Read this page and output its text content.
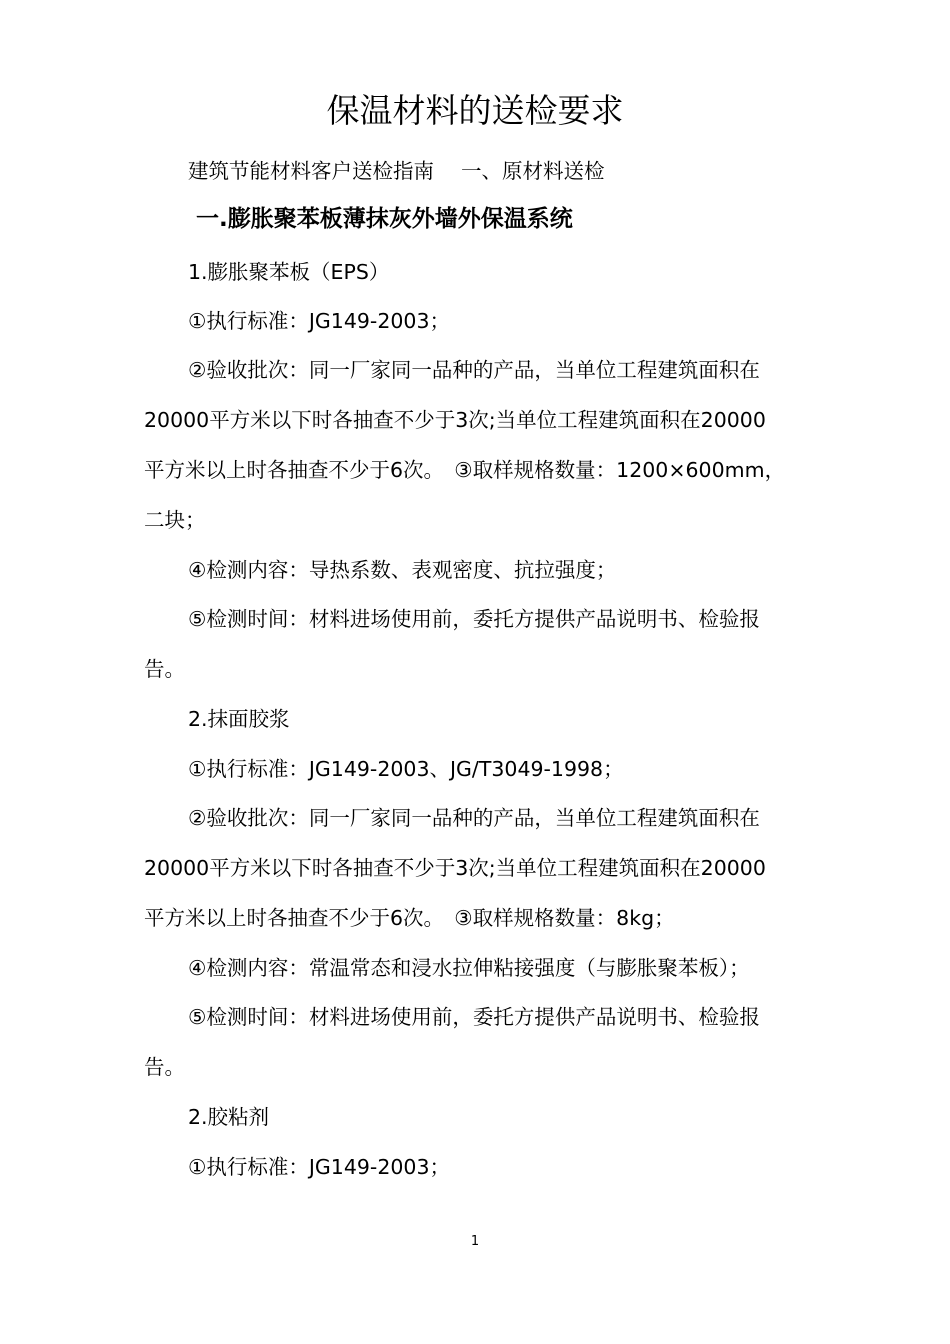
保温材料的送检要求
建筑节能材料客户送检指南　 一、原材料送检
一.膨胀聚苯板薄抹灰外墙外保温系统
1.膨胀聚苯板（EPS）
①执行标准：JG149-2003；
②验收批次：同一厂家同一品种的产品，当单位工程建筑面积在
20000平方米以下时各抽查不少于3次;当单位工程建筑面积在20000
平方米以上时各抽查不少于6次。　③取样规格数量：1200×600mm，
二块；
④检测内容：导热系数、表观密度、抗拉强度；
⑤检测时间：材料进场使用前，委托方提供产品说明书、检验报
告。
2.抹面胶浆
①执行标准：JG149-2003、JG/T3049-1998；
②验收批次：同一厂家同一品种的产品，当单位工程建筑面积在
20000平方米以下时各抽查不少于3次;当单位工程建筑面积在20000
平方米以上时各抽查不少于6次。　③取样规格数量：8kg；
④检测内容：常温常态和浸水拉伸粘接强度（与膨胀聚苯板）；
⑤检测时间：材料进场使用前，委托方提供产品说明书、检验报
告。
2.胶粘剂
①执行标准：JG149-2003；
1
